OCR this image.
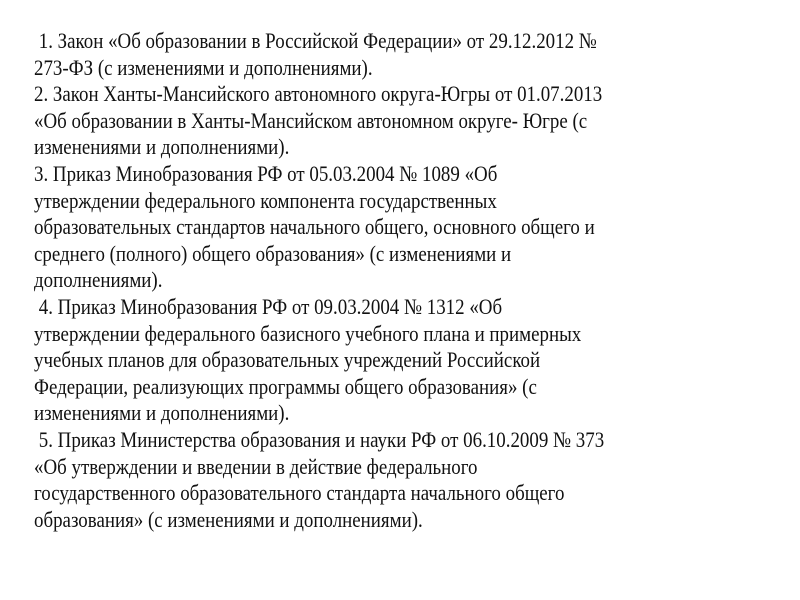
1. Закон «Об образовании в Российской Федерации» от 29.12.2012 №
273-ФЗ (с изменениями и дополнениями).
2. Закон Ханты-Мансийского автономного округа-Югры от 01.07.2013
«Об образовании в Ханты-Мансийском автономном округе- Югре (с
изменениями и дополнениями).
3. Приказ Минобразования РФ от 05.03.2004 № 1089 «Об
утверждении федерального компонента государственных
образовательных стандартов начального общего, основного общего и
среднего (полного) общего образования» (с изменениями и
дополнениями).
4. Приказ Минобразования РФ от 09.03.2004 № 1312 «Об
утверждении федерального базисного учебного плана и примерных
учебных планов для образовательных учреждений Российской
Федерации, реализующих программы общего образования» (с
изменениями и дополнениями).
5. Приказ Министерства образования и науки РФ от 06.10.2009 № 373
«Об утверждении и введении в действие федерального
государственного образовательного стандарта начального общего
образования» (с изменениями и дополнениями).
